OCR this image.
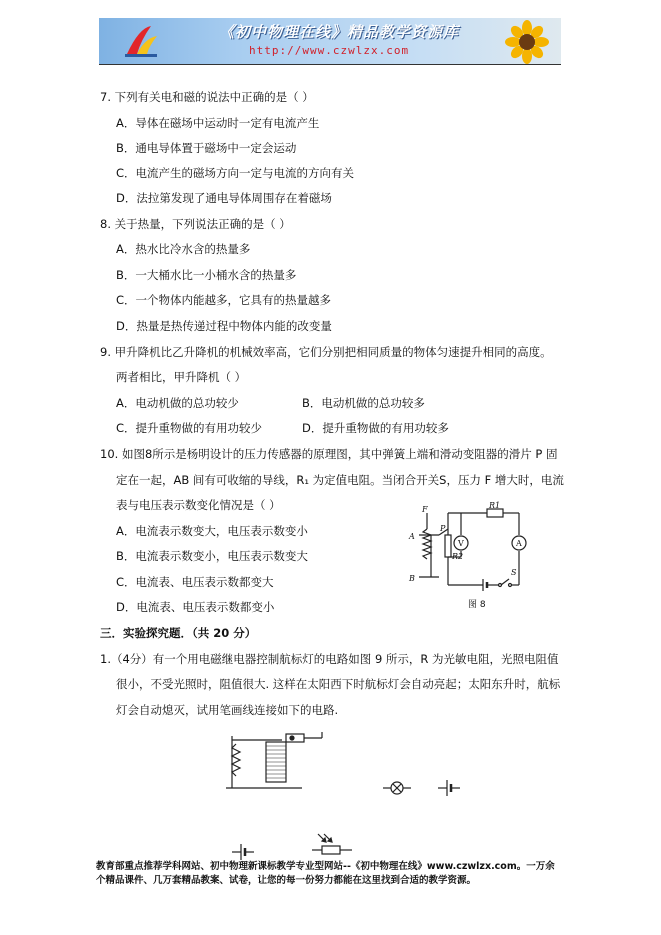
《初中物理在线》精品教学资源库
http://www.czwlzx.com
7. 下列有关电和磁的说法中正确的是（ ）
A．导体在磁场中运动时一定有电流产生
B．通电导体置于磁场中一定会运动
C．电流产生的磁场方向一定与电流的方向有关
D．法拉第发现了通电导体周围存在着磁场
8. 关于热量，下列说法正确的是（ ）
A．热水比冷水含的热量多
B．一大桶水比一小桶水含的热量多
C．一个物体内能越多，它具有的热量越多
D．热量是热传递过程中物体内能的改变量
9. 甲升降机比乙升降机的机械效率高，它们分别把相同质量的物体匀速提升相同的高度。
两者相比，甲升降机（ ）
A．电动机做的总功较少	B．电动机做的总功较多
C．提升重物做的有用功较少	D．提升重物做的有用功较多
10. 如图8所示是杨明设计的压力传感器的原理图，其中弹簧上端和滑动变阻器的滑片 P 固
定在一起，AB 间有可收缩的导线，R₁ 为定值电阻。当闭合开关S，压力 F 增大时，电流
表与电压表示数变化情况是（ ）
A．电流表示数变大，电压表示数变小
B．电流表示数变小，电压表示数变大
C．电流表、电压表示数都变大
D．电流表、电压表示数都变小
F
A
B
P
R1
R2
V	A
S
图 8
三．实验探究题．（共 20 分）
1.（4分）有一个用电磁继电器控制航标灯的电路如图 9 所示，R 为光敏电阻，光照电阻值
很小，不受光照时，阻值很大. 这样在太阳西下时航标灯会自动亮起；太阳东升时，航标
灯会自动熄灭，试用笔画线连接如下的电路.
教育部重点推荐学科网站、初中物理新课标教学专业型网站--《初中物理在线》www.czwlzx.com。一万余
个精品课件、几万套精品教案、试卷，让您的每一份努力都能在这里找到合适的教学资源。
